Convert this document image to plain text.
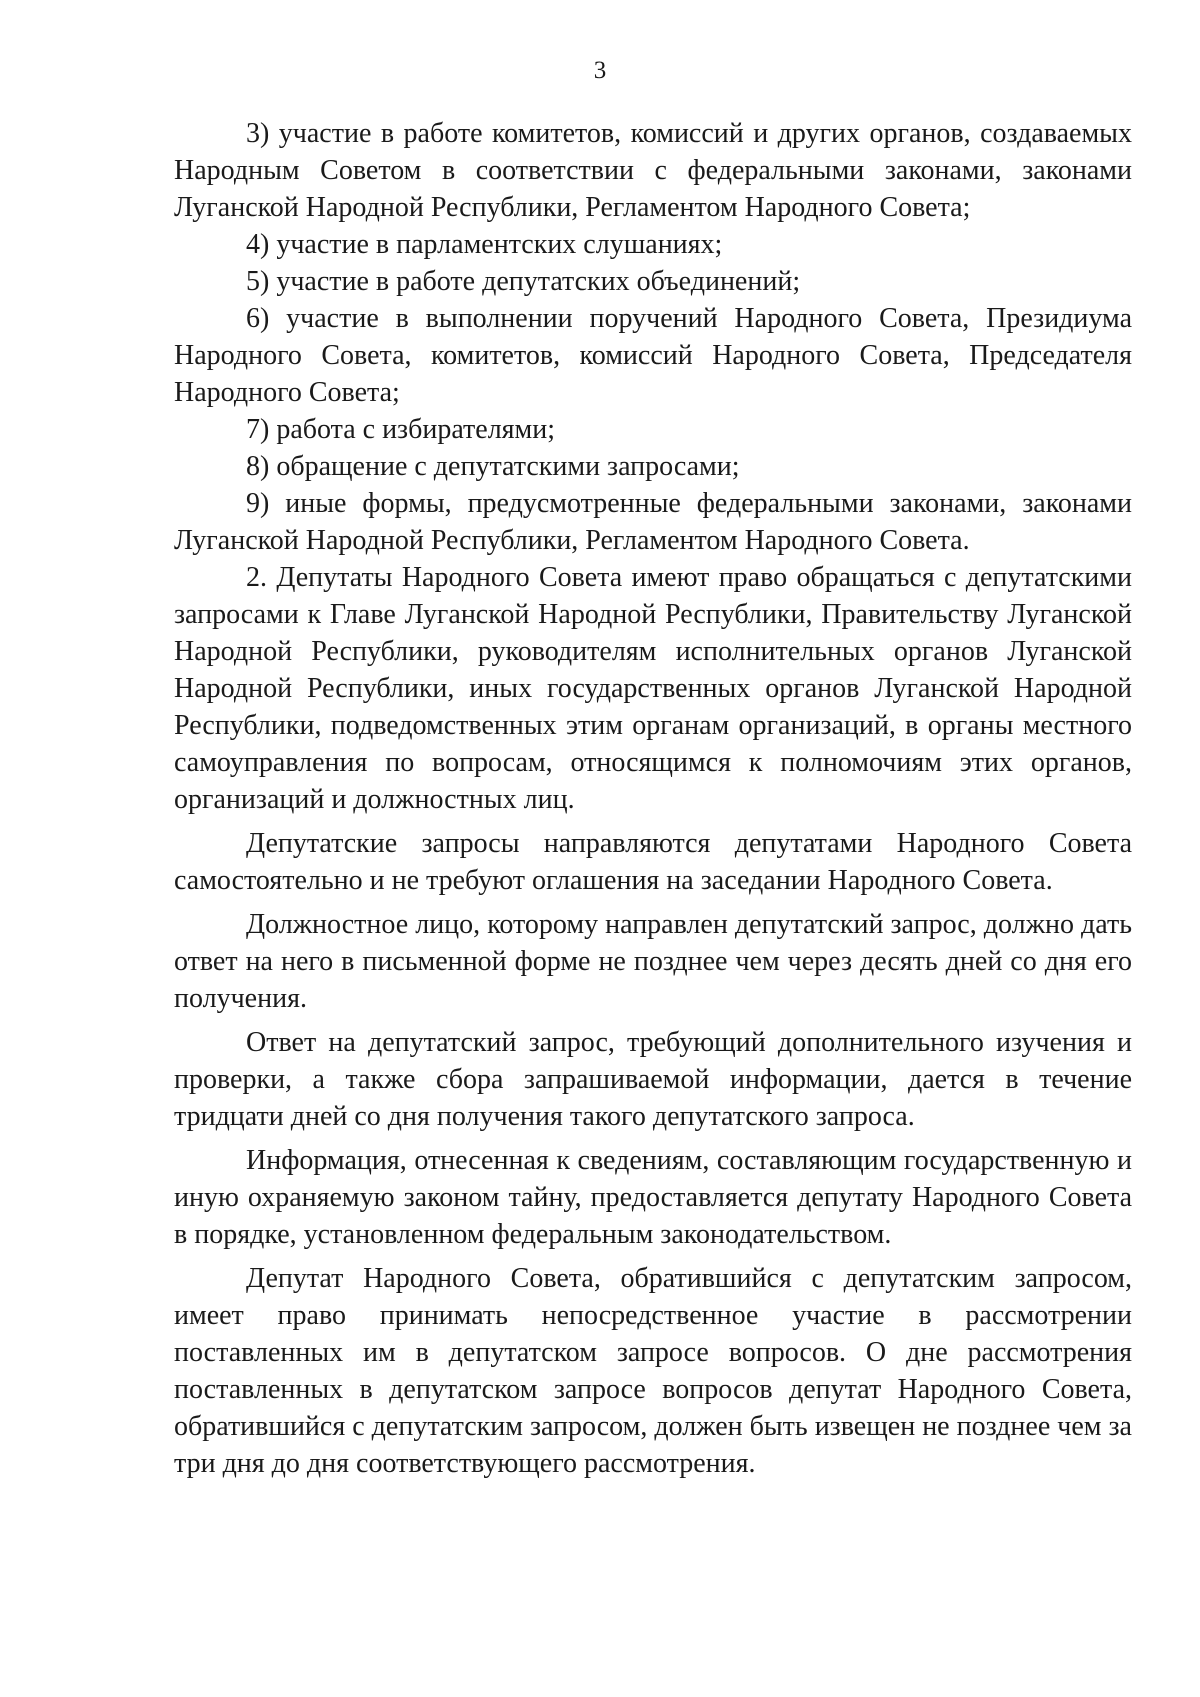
3

3) участие в работе комитетов, комиссий и других органов, создаваемых Народным Советом в соответствии с федеральными законами, законами Луганской Народной Республики, Регламентом Народного Совета;

4) участие в парламентских слушаниях;

5) участие в работе депутатских объединений;

6) участие в выполнении поручений Народного Совета, Президиума Народного Совета, комитетов, комиссий Народного Совета, Председателя Народного Совета;

7) работа с избирателями;

8) обращение с депутатскими запросами;

9) иные формы, предусмотренные федеральными законами, законами Луганской Народной Республики, Регламентом Народного Совета.

2. Депутаты Народного Совета имеют право обращаться с депутатскими запросами к Главе Луганской Народной Республики, Правительству Луганской Народной Республики, руководителям исполнительных органов Луганской Народной Республики, иных государственных органов Луганской Народной Республики, подведомственных этим органам организаций, в органы местного самоуправления по вопросам, относящимся к полномочиям этих органов, организаций и должностных лиц.

Депутатские запросы направляются депутатами Народного Совета самостоятельно и не требуют оглашения на заседании Народного Совета.

Должностное лицо, которому направлен депутатский запрос, должно дать ответ на него в письменной форме не позднее чем через десять дней со дня его получения.

Ответ на депутатский запрос, требующий дополнительного изучения и проверки, а также сбора запрашиваемой информации, дается в течение тридцати дней со дня получения такого депутатского запроса.

Информация, отнесенная к сведениям, составляющим государственную и иную охраняемую законом тайну, предоставляется депутату Народного Совета в порядке, установленном федеральным законодательством.

Депутат Народного Совета, обратившийся с депутатским запросом, имеет право принимать непосредственное участие в рассмотрении поставленных им в депутатском запросе вопросов. О дне рассмотрения поставленных в депутатском запросе вопросов депутат Народного Совета, обратившийся с депутатским запросом, должен быть извещен не позднее чем за три дня до дня соответствующего рассмотрения.
